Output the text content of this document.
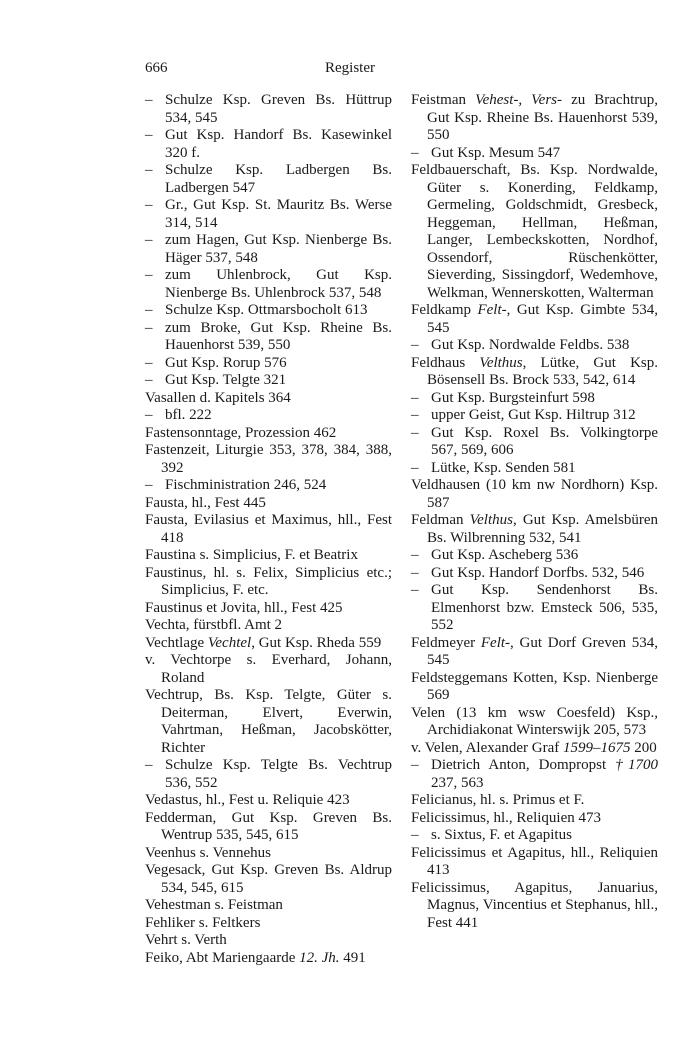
666	Register
– Schulze Ksp. Greven Bs. Hüttrup 534, 545
– Gut Ksp. Handorf Bs. Kasewinkel 320 f.
– Schulze Ksp. Ladbergen Bs. Ladbergen 547
– Gr., Gut Ksp. St. Mauritz Bs. Werse 314, 514
– zum Hagen, Gut Ksp. Nienberge Bs. Häger 537, 548
– zum Uhlenbrock, Gut Ksp. Nienberge Bs. Uhlenbrock 537, 548
– Schulze Ksp. Ottmarsbocholt 613
– zum Broke, Gut Ksp. Rheine Bs. Hauenhorst 539, 550
– Gut Ksp. Rorup 576
– Gut Ksp. Telgte 321
Vasallen d. Kapitels 364
– bfl. 222
Fastensonntage, Prozession 462
Fastenzeit, Liturgie 353, 378, 384, 388, 392
– Fischministration 246, 524
Fausta, hl., Fest 445
Fausta, Evilasius et Maximus, hll., Fest 418
Faustina s. Simplicius, F. et Beatrix
Faustinus, hl. s. Felix, Simplicius etc.; Simplicius, F. etc.
Faustinus et Jovita, hll., Fest 425
Vechta, fürstbfl. Amt 2
Vechtlage Vechtel, Gut Ksp. Rheda 559
v. Vechtorpe s. Everhard, Johann, Roland
Vechtrup, Bs. Ksp. Telgte, Güter s. Deiterman, Elvert, Everwin, Vahrtman, Heßman, Jacobskötter, Richter
– Schulze Ksp. Telgte Bs. Vechtrup 536, 552
Vedastus, hl., Fest u. Reliquie 423
Fedderman, Gut Ksp. Greven Bs. Wentrup 535, 545, 615
Veenhus s. Vennehus
Vegesack, Gut Ksp. Greven Bs. Aldrup 534, 545, 615
Vehestman s. Feistman
Fehliker s. Feltkers
Vehrt s. Verth
Feiko, Abt Mariengaarde 12. Jh. 491
Feistman Vehest-, Vers- zu Brachtrup, Gut Ksp. Rheine Bs. Hauenhorst 539, 550
– Gut Ksp. Mesum 547
Feldbauerschaft, Bs. Ksp. Nordwalde, Güter s. Konerding, Feldkamp, Germeling, Goldschmidt, Gresbeck, Heggeman, Hellman, Heßman, Langer, Lembeckskotten, Nordhof, Ossendorf, Rüschenkötter, Sieverding, Sissingdorf, Wedemhove, Welkman, Wennerskotten, Walterman
Feldkamp Felt-, Gut Ksp. Gimbte 534, 545
– Gut Ksp. Nordwalde Feldbs. 538
Feldhaus Velthus, Lütke, Gut Ksp. Bösensell Bs. Brock 533, 542, 614
– Gut Ksp. Burgsteinfurt 598
– upper Geist, Gut Ksp. Hiltrup 312
– Gut Ksp. Roxel Bs. Volkingtorpe 567, 569, 606
– Lütke, Ksp. Senden 581
Veldhausen (10 km nw Nordhorn) Ksp. 587
Feldman Velthus, Gut Ksp. Amelsbüren Bs. Wilbrenning 532, 541
– Gut Ksp. Ascheberg 536
– Gut Ksp. Handorf Dorfbs. 532, 546
– Gut Ksp. Sendenhorst Bs. Elmenhorst bzw. Emsteck 506, 535, 552
Feldmeyer Felt-, Gut Dorf Greven 534, 545
Feldsteggemans Kotten, Ksp. Nienberge 569
Velen (13 km wsw Coesfeld) Ksp., Archidiakonat Winterswijk 205, 573
v. Velen, Alexander Graf 1599–1675 200
– Dietrich Anton, Dompropst †1700 237, 563
Felicianus, hl. s. Primus et F.
Felicissimus, hl., Reliquien 473
– s. Sixtus, F. et Agapitus
Felicissimus et Agapitus, hll., Reliquien 413
Felicissimus, Agapitus, Januarius, Magnus, Vincentius et Stephanus, hll., Fest 441
